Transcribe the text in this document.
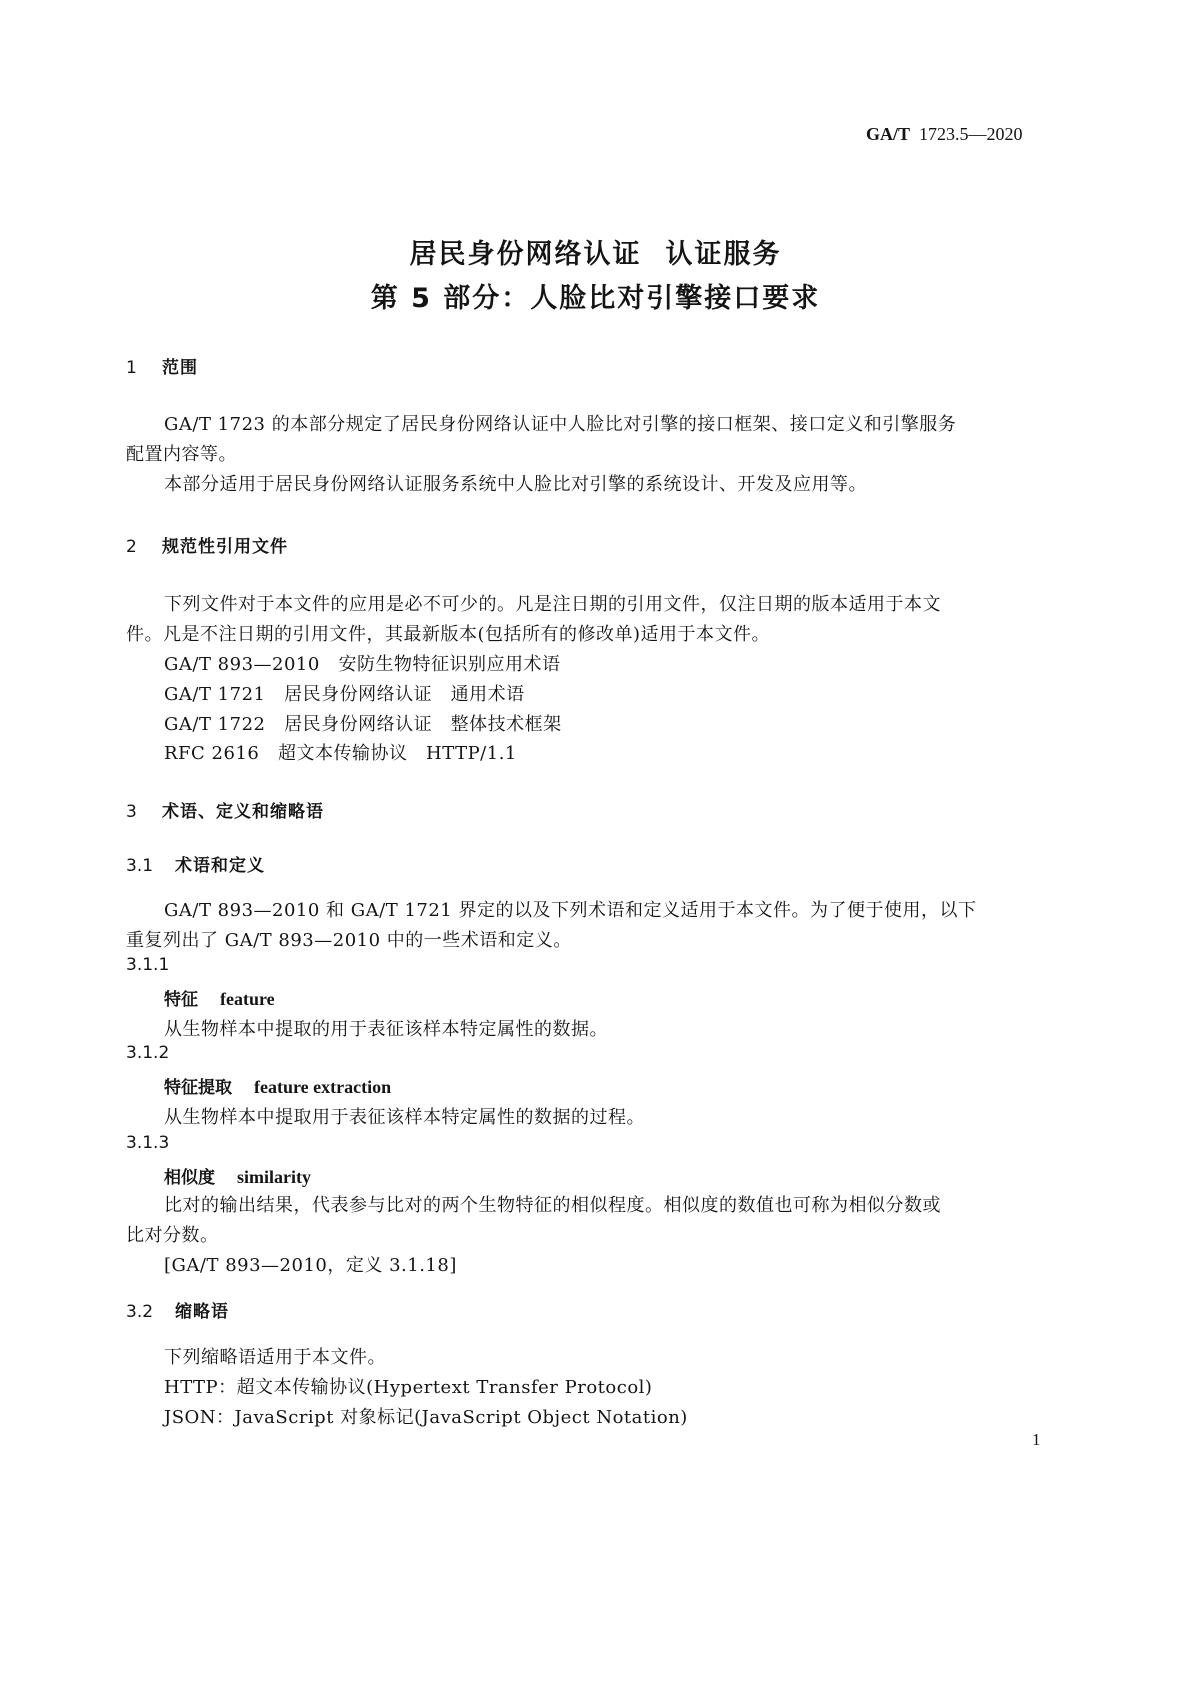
GA/T 1723.5—2020
居民身份网络认证 认证服务
第 5 部分：人脸比对引擎接口要求
1 范围
GA/T 1723 的本部分规定了居民身份网络认证中人脸比对引擎的接口框架、接口定义和引擎服务
配置内容等。
本部分适用于居民身份网络认证服务系统中人脸比对引擎的系统设计、开发及应用等。
2 规范性引用文件
下列文件对于本文件的应用是必不可少的。凡是注日期的引用文件，仅注日期的版本适用于本文
件。凡是不注日期的引用文件，其最新版本(包括所有的修改单)适用于本文件。
GA/T 893—2010 安防生物特征识别应用术语
GA/T 1721 居民身份网络认证　通用术语
GA/T 1722 居民身份网络认证　整体技术框架
RFC 2616 超文本传输协议　HTTP/1.1
3 术语、定义和缩略语
3.1 术语和定义
GA/T 893—2010 和 GA/T 1721 界定的以及下列术语和定义适用于本文件。为了便于使用，以下
重复列出了 GA/T 893—2010 中的一些术语和定义。
3.1.1
特征 feature
从生物样本中提取的用于表征该样本特定属性的数据。
3.1.2
特征提取 feature extraction
从生物样本中提取用于表征该样本特定属性的数据的过程。
3.1.3
相似度 similarity
比对的输出结果，代表参与比对的两个生物特征的相似程度。相似度的数值也可称为相似分数或
比对分数。
[GA/T 893—2010，定义 3.1.18]
3.2 缩略语
下列缩略语适用于本文件。
HTTP：超文本传输协议(Hypertext Transfer Protocol)
JSON：JavaScript 对象标记(JavaScript Object Notation)
1
